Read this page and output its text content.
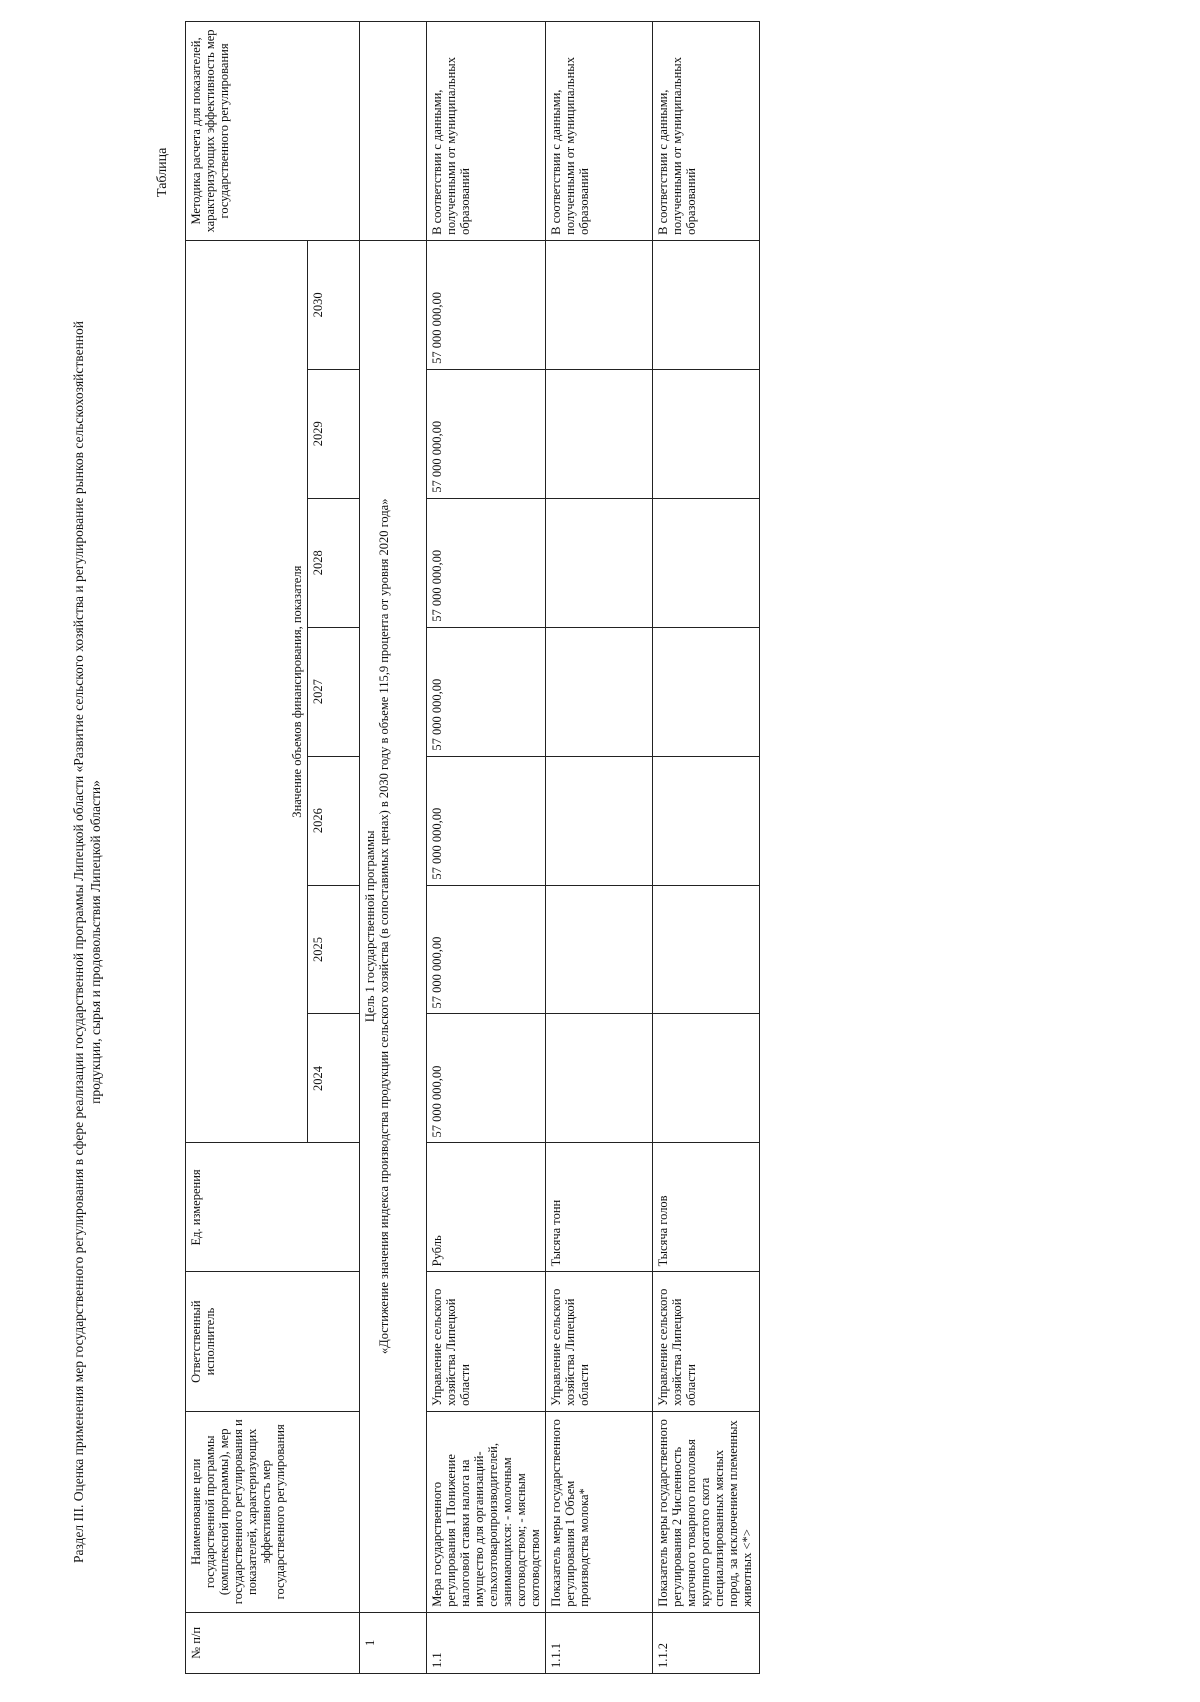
Раздел III. Оценка применения мер государственного регулирования в сфере реализации государственной программы Липецкой области «Развитие сельского хозяйства и регулирование рынков сельскохозяйственной продукции, сырья и продовольствия Липецкой области»
Таблица
№ п/п	Наименование цели государственной программы (комплексной программы), мер государственного регулирования и показателей, характеризующих эффективность мер государственного регулирования	Ответственный исполнитель	Ед. измерения	Значение объемов финансирования, показателя							Методика расчета для показателей, характеризующих эффективность мер государственного регулирования
				2024	2025	2026	2027	2028	2029	2030	
1	Цель 1 государственной программы «Достижение значения индекса производства продукции сельского хозяйства (в сопоставимых ценах) в 2030 году в объеме 115,9 процента от уровня 2020 года»										

1.1	Мера государственного регулирования 1 Понижение налоговой ставки налога на имущество для организаций-сельхозтоваропроизводителей, занимающихся: - молочным скотоводством; - мясным скотоводством	Управление сельского хозяйства Липецкой области	Рубль	57 000 000,00	57 000 000,00	57 000 000,00	57 000 000,00	57 000 000,00	57 000 000,00	57 000 000,00	В соответствии с данными, полученными от муниципальных образований
1.1.1	Показатель меры государственного регулирования 1 Объем производства молока*	Управление сельского хозяйства Липецкой области	Тысяча тонн								В соответствии с данными, полученными от муниципальных образований
1.1.2	Показатель меры государственного регулирования 2 Численность маточного товарного поголовья крупного рогатого скота специализированных мясных пород, за исключением племенных животных <*>	Управление сельского хозяйства Липецкой области	Тысяча голов								В соответствии с данными, полученными от муниципальных образований
